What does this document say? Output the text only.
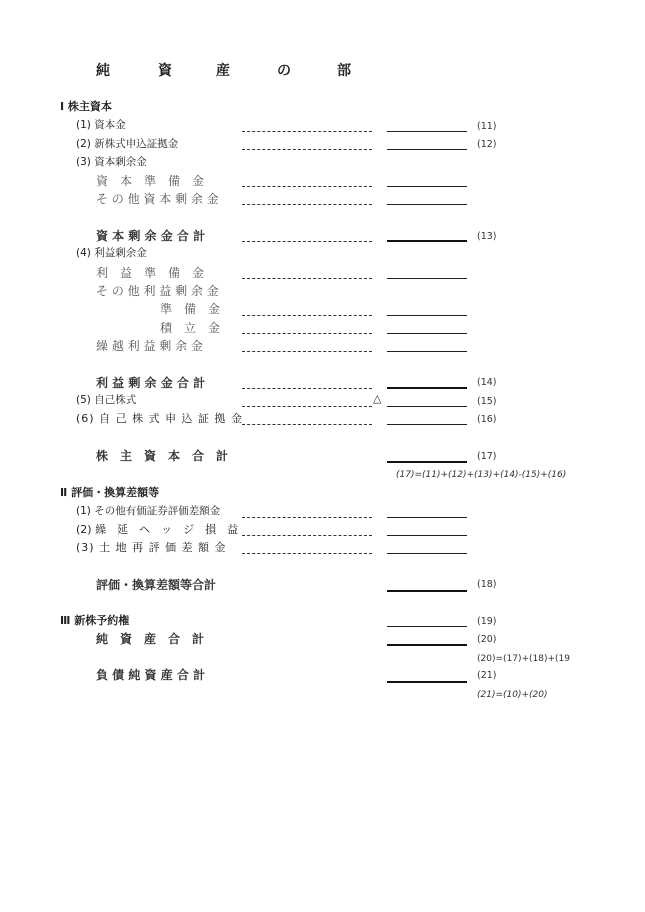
純	資	産	の	部
Ⅰ 株主資本
(1) 資本金	(11)
(2) 新株式申込証拠金	(12)
(3) 資本剰余金
資　本　準　備　金
そ の 他 資 本 剰 余 金
資 本 剰 余 金 合 計	(13)
(4) 利益剰余金
利　益　準　備　金
そ の 他 利 益 剰 余 金
準　備　金
積　立　金
繰 越 利 益 剰 余 金
利 益 剰 余 金 合 計	(14)
(5) 自己株式	△	(15)
(6) 自 己 株 式 申 込 証 拠 金	(16)
株　主　資　本　合　計	(17)
(17)=(11)+(12)+(13)+(14)-(15)+(16)
Ⅱ 評価・換算差額等
(1) その他有価証券評価差額金
(2) 繰　延　ヘ　ッ　ジ　損　益
(3) 土 地 再 評 価 差 額 金
評価・換算差額等合計	(18)
Ⅲ 新株予約権	(19)
純　資　産　合　計	(20)
(20)=(17)+(18)+(19
負 債 純 資 産 合 計	(21)
(21)=(10)+(20)
